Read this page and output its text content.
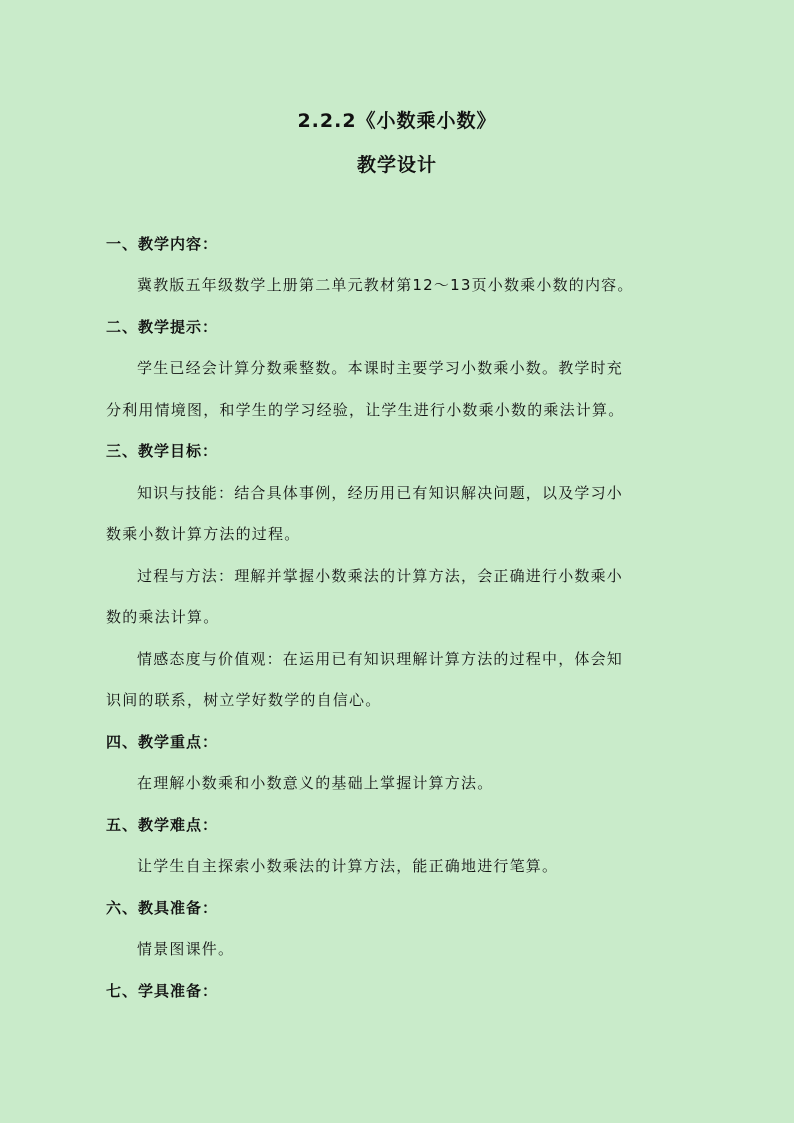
2.2.2《小数乘小数》
教学设计
一、教学内容：
冀教版五年级数学上册第二单元教材第12～13页小数乘小数的内容。
二、教学提示：
学生已经会计算分数乘整数。本课时主要学习小数乘小数。教学时充
分利用情境图，和学生的学习经验，让学生进行小数乘小数的乘法计算。
三、教学目标：
知识与技能：结合具体事例，经历用已有知识解决问题，以及学习小
数乘小数计算方法的过程。
过程与方法：理解并掌握小数乘法的计算方法，会正确进行小数乘小
数的乘法计算。
情感态度与价值观：在运用已有知识理解计算方法的过程中，体会知
识间的联系，树立学好数学的自信心。
四、教学重点：
在理解小数乘和小数意义的基础上掌握计算方法。
五、教学难点：
让学生自主探索小数乘法的计算方法，能正确地进行笔算。
六、教具准备：
情景图课件。
七、学具准备：
